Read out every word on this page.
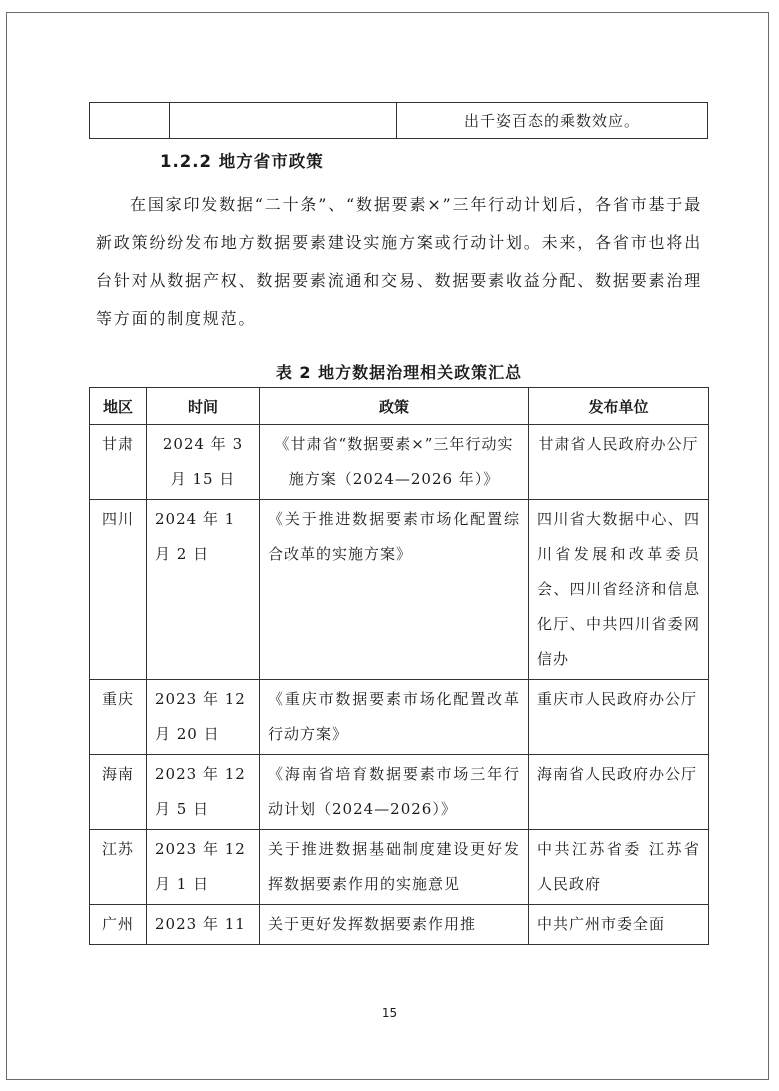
		出千姿百态的乘数效应。
1.2.2 地方省市政策

在国家印发数据“二十条”、“数据要素×”三年行动计划后，各省市基于最新政策纷纷发布地方数据要素建设实施方案或行动计划。未来，各省市也将出台针对从数据产权、数据要素流通和交易、数据要素收益分配、数据要素治理等方面的制度规范。

表 2 地方数据治理相关政策汇总

地区	时间	政策	发布单位
甘肃	2024 年 3 月 15 日	《甘肃省“数据要素×”三年行动实施方案（2024—2026 年）》	甘肃省人民政府办公厅
四川	2024 年 1 月 2 日	《关于推进数据要素市场化配置综合改革的实施方案》	四川省大数据中心、四川省发展和改革委员会、四川省经济和信息化厅、中共四川省委网信办
重庆	2023 年 12 月 20 日	《重庆市数据要素市场化配置改革行动方案》	重庆市人民政府办公厅
海南	2023 年 12 月 5 日	《海南省培育数据要素市场三年行动计划（2024—2026）》	海南省人民政府办公厅
江苏	2023 年 12 月 1 日	关于推进数据基础制度建设更好发挥数据要素作用的实施意见	中共江苏省委 江苏省人民政府
广州	2023 年 11	关于更好发挥数据要素作用推	中共广州市委全面

15
